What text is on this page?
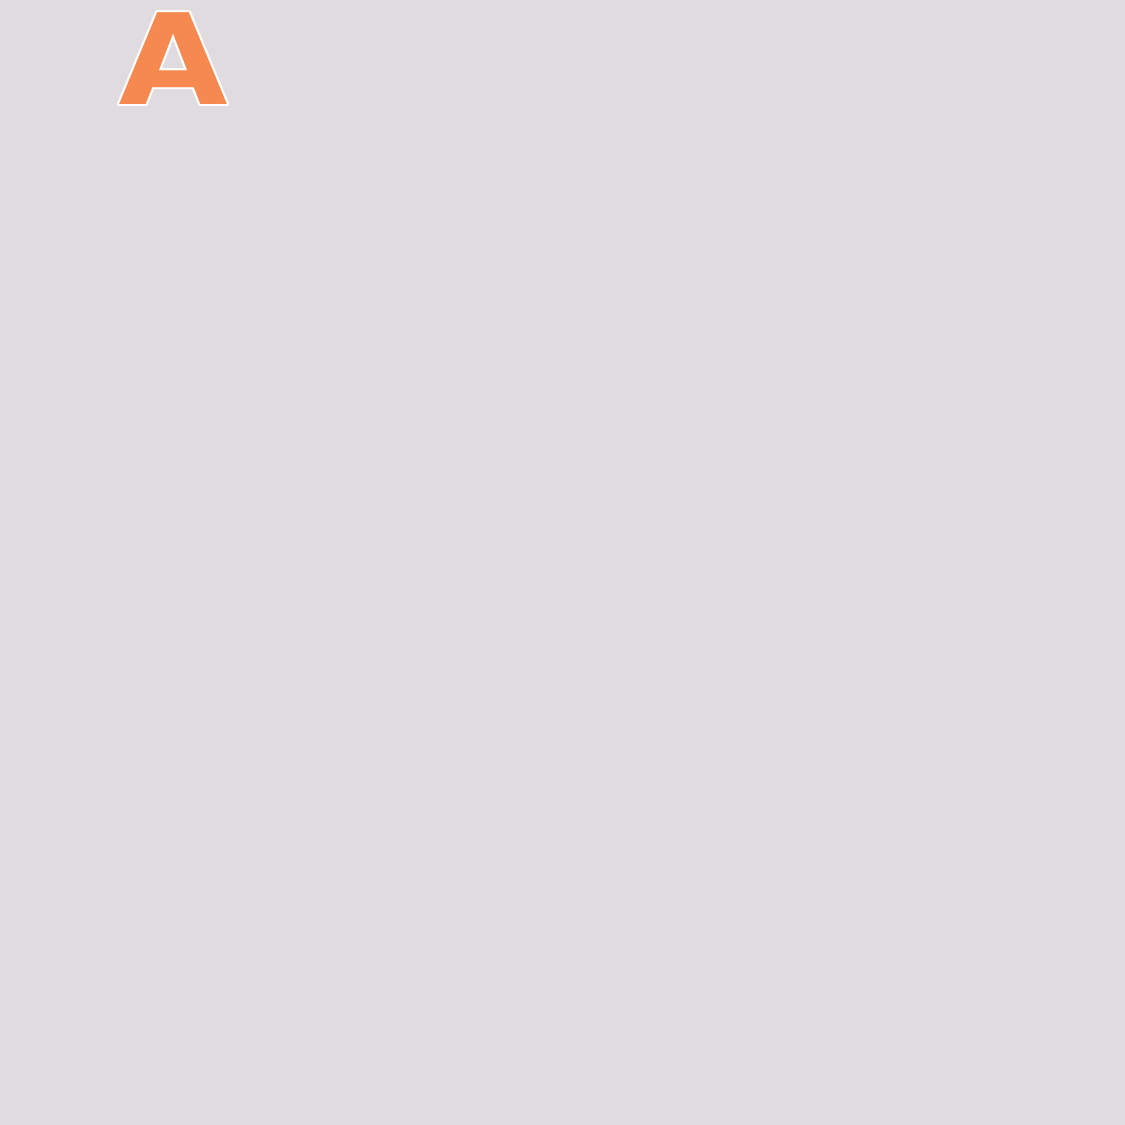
A
